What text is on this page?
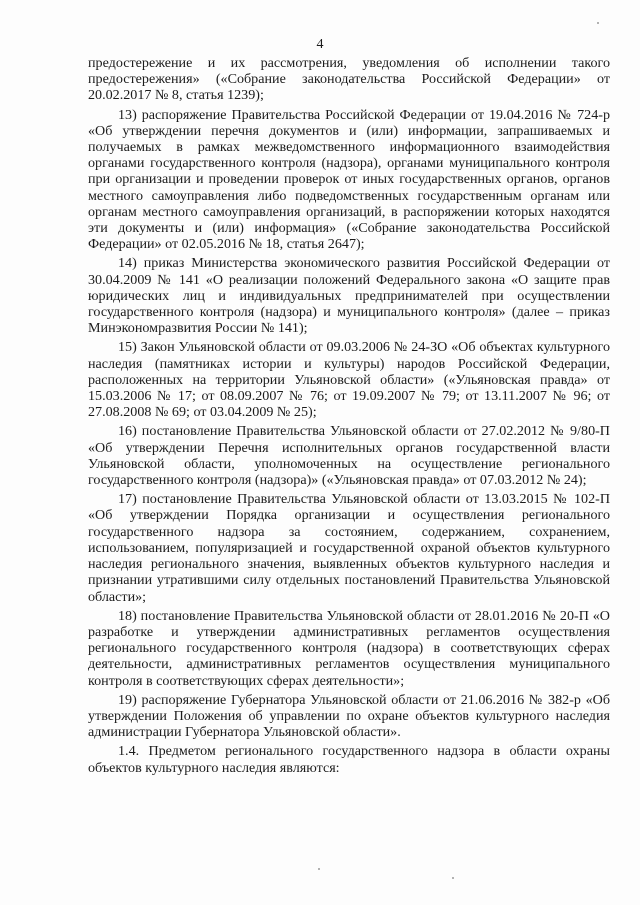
4

предостережение и их рассмотрения, уведомления об исполнении такого предостережения» («Собрание законодательства Российской Федерации» от 20.02.2017 № 8, статья 1239);

13) распоряжение Правительства Российской Федерации от 19.04.2016 № 724-р «Об утверждении перечня документов и (или) информации, запрашиваемых и получаемых в рамках межведомственного информационного взаимодействия органами государственного контроля (надзора), органами муниципального контроля при организации и проведении проверок от иных государственных органов, органов местного самоуправления либо подведомственных государственным органам или органам местного самоуправления организаций, в распоряжении которых находятся эти документы и (или) информация» («Собрание законодательства Российской Федерации» от 02.05.2016 № 18, статья 2647);

14) приказ Министерства экономического развития Российской Федерации от 30.04.2009 № 141 «О реализации положений Федерального закона «О защите прав юридических лиц и индивидуальных предпринимателей при осуществлении государственного контроля (надзора) и муниципального контроля» (далее – приказ Минэкономразвития России № 141);

15) Закон Ульяновской области от 09.03.2006 № 24-ЗО «Об объектах культурного наследия (памятниках истории и культуры) народов Российской Федерации, расположенных на территории Ульяновской области» («Ульяновская правда» от 15.03.2006 № 17; от 08.09.2007 № 76; от 19.09.2007 № 79; от 13.11.2007 № 96; от 27.08.2008 № 69; от 03.04.2009 № 25);

16) постановление Правительства Ульяновской области от 27.02.2012 № 9/80-П «Об утверждении Перечня исполнительных органов государственной власти Ульяновской области, уполномоченных на осуществление регионального государственного контроля (надзора)» («Ульяновская правда» от 07.03.2012 № 24);

17) постановление Правительства Ульяновской области от 13.03.2015 № 102-П «Об утверждении Порядка организации и осуществления регионального государственного надзора за состоянием, содержанием, сохранением, использованием, популяризацией и государственной охраной объектов культурного наследия регионального значения, выявленных объектов культурного наследия и признании утратившими силу отдельных постановлений Правительства Ульяновской области»;

18) постановление Правительства Ульяновской области от 28.01.2016 № 20-П «О разработке и утверждении административных регламентов осуществления регионального государственного контроля (надзора) в соответствующих сферах деятельности, административных регламентов осуществления муниципального контроля в соответствующих сферах деятельности»;

19) распоряжение Губернатора Ульяновской области от 21.06.2016 № 382-р «Об утверждении Положения об управлении по охране объектов культурного наследия администрации Губернатора Ульяновской области».

1.4. Предметом регионального государственного надзора в области охраны объектов культурного наследия являются:
